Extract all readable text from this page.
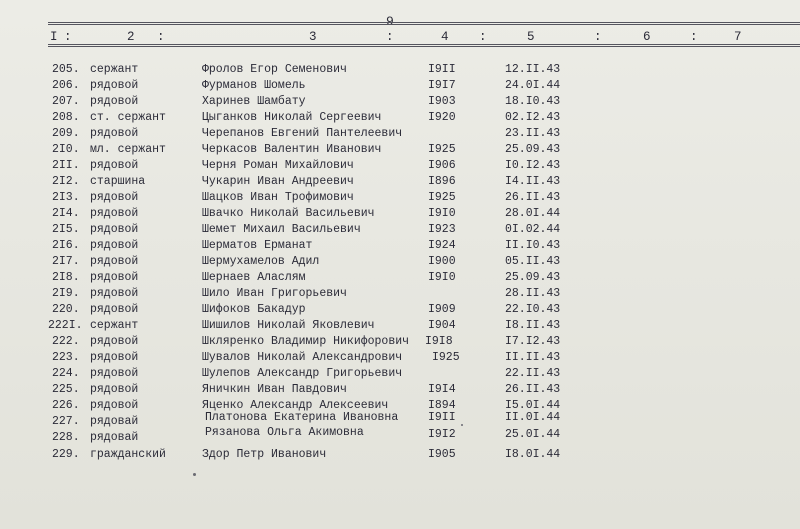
9
I :	2 :	3	:	4 :	5	:	6	:	7
205. сержант	Фролов Егор Семенович	I9II	12.II.43
206. рядовой	Фурманов Шомель	I9I7	24.0I.44
207. рядовой	Харинев Шамбату	I903	18.I0.43
208. ст. сержант	Цыганков Николай Сергеевич	I920	02.I2.43
209. рядовой	Черепанов Евгений Пантелеевич	23.II.43
2I0. мл. сержант	Черкасов Валентин Иванович	I925	25.09.43
2II. рядовой	Черня Роман Михайлович	I906	I0.I2.43
2I2. старшина	Чукарин Иван Андреевич	I896	I4.II.43
2I3. рядовой	Шацков Иван Трофимович	I925	26.II.43
2I4. рядовой	Швачко Николай Васильевич	I9I0	28.0I.44
2I5. рядовой	Шемет Михаил Васильевич	I923	0I.02.44
2I6. рядовой	Шерматов Ерманат	I924	II.I0.43
2I7. рядовой	Шермухамелов Адил	I900	05.II.43
2I8. рядовой	Шернаев Аласлям	I9I0	25.09.43
2I9. рядовой	Шило Иван Григорьевич	28.II.43
220. рядовой	Шифоков Бакадур	I909	22.I0.43
222I. сержант	Шишилов Николай Яковлевич	I904	I8.II.43
222. рядовой	Шкляренко Владимир Никифорович I9I8	I7.I2.43
223. рядовой	Шувалов Николай Александрович	I925	II.II.43
224. рядовой	Шулепов Александр Григорьевич	22.II.43
225. рядовой	Яничкин Иван Павдович	I9I4	26.II.43
226. рядовой	Яценко Александр Алексеевич	I894	I5.0I.44
227. рядовай	Платонова Екатерина Ивановна	I9II	II.0I.44
228. рядовай	Рязанова Ольга Акимовна	I9I2	25.0I.44
229. гражданский	Здор Петр Иванович	I905	I8.0I.44
